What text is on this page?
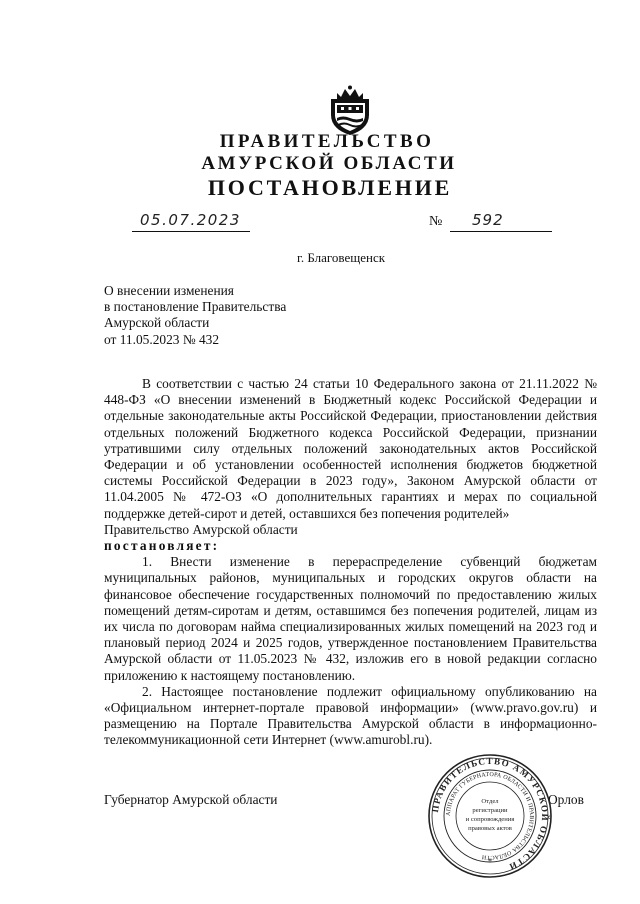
ПРАВИТЕЛЬСТВО
АМУРСКОЙ ОБЛАСТИ
ПОСТАНОВЛЕНИЕ
05.07.2023	№ 592
г. Благовещенск
О внесении изменения
в постановление Правительства
Амурской области
от 11.05.2023 № 432

В соответствии с частью 24 статьи 10 Федерального закона от 21.11.2022 № 448-ФЗ «О внесении изменений в Бюджетный кодекс Российской Федерации и отдельные законодательные акты Российской Федерации, приостановлении действия отдельных положений Бюджетного кодекса Российской Федерации, признании утратившими силу отдельных положений законодательных актов Российской Федерации и об установлении особенностей исполнения бюджетов бюджетной системы Российской Федерации в 2023 году», Законом Амурской области от 11.04.2005 № 472-ОЗ «О дополнительных гарантиях и мерах по социальной поддержке детей-сирот и детей, оставшихся без попечения родителей»

Правительство Амурской области

постановляет:

1. Внести изменение в перераспределение субвенций бюджетам муниципальных районов, муниципальных и городских округов области на финансовое обеспечение государственных полномочий по предоставлению жилых помещений детям-сиротам и детям, оставшимся без попечения родителей, лицам из их числа по договорам найма специализированных жилых помещений на 2023 год и плановый период 2024 и 2025 годов, утвержденное постановлением Правительства Амурской области от 11.05.2023 № 432, изложив его в новой редакции согласно приложению к настоящему постановлению.

2. Настоящее постановление подлежит официальному опубликованию на «Официальном интернет-портале правовой информации» (www.pravo.gov.ru) и размещению на Портале Правительства Амурской области в информационно-телекоммуникационной сети Интернет (www.amurobl.ru).

Губернатор Амурской области	Орлов
ПРАВИТЕЛЬСТВО АМУРСКОЙ ОБЛАСТИ
АППАРАТ ГУБЕРНАТОРА ОБЛАСТИ И ПРАВИТЕЛЬСТВА ОБЛАСТИ
Отдел
регистрации
и сопровождения
правовых актов
*
